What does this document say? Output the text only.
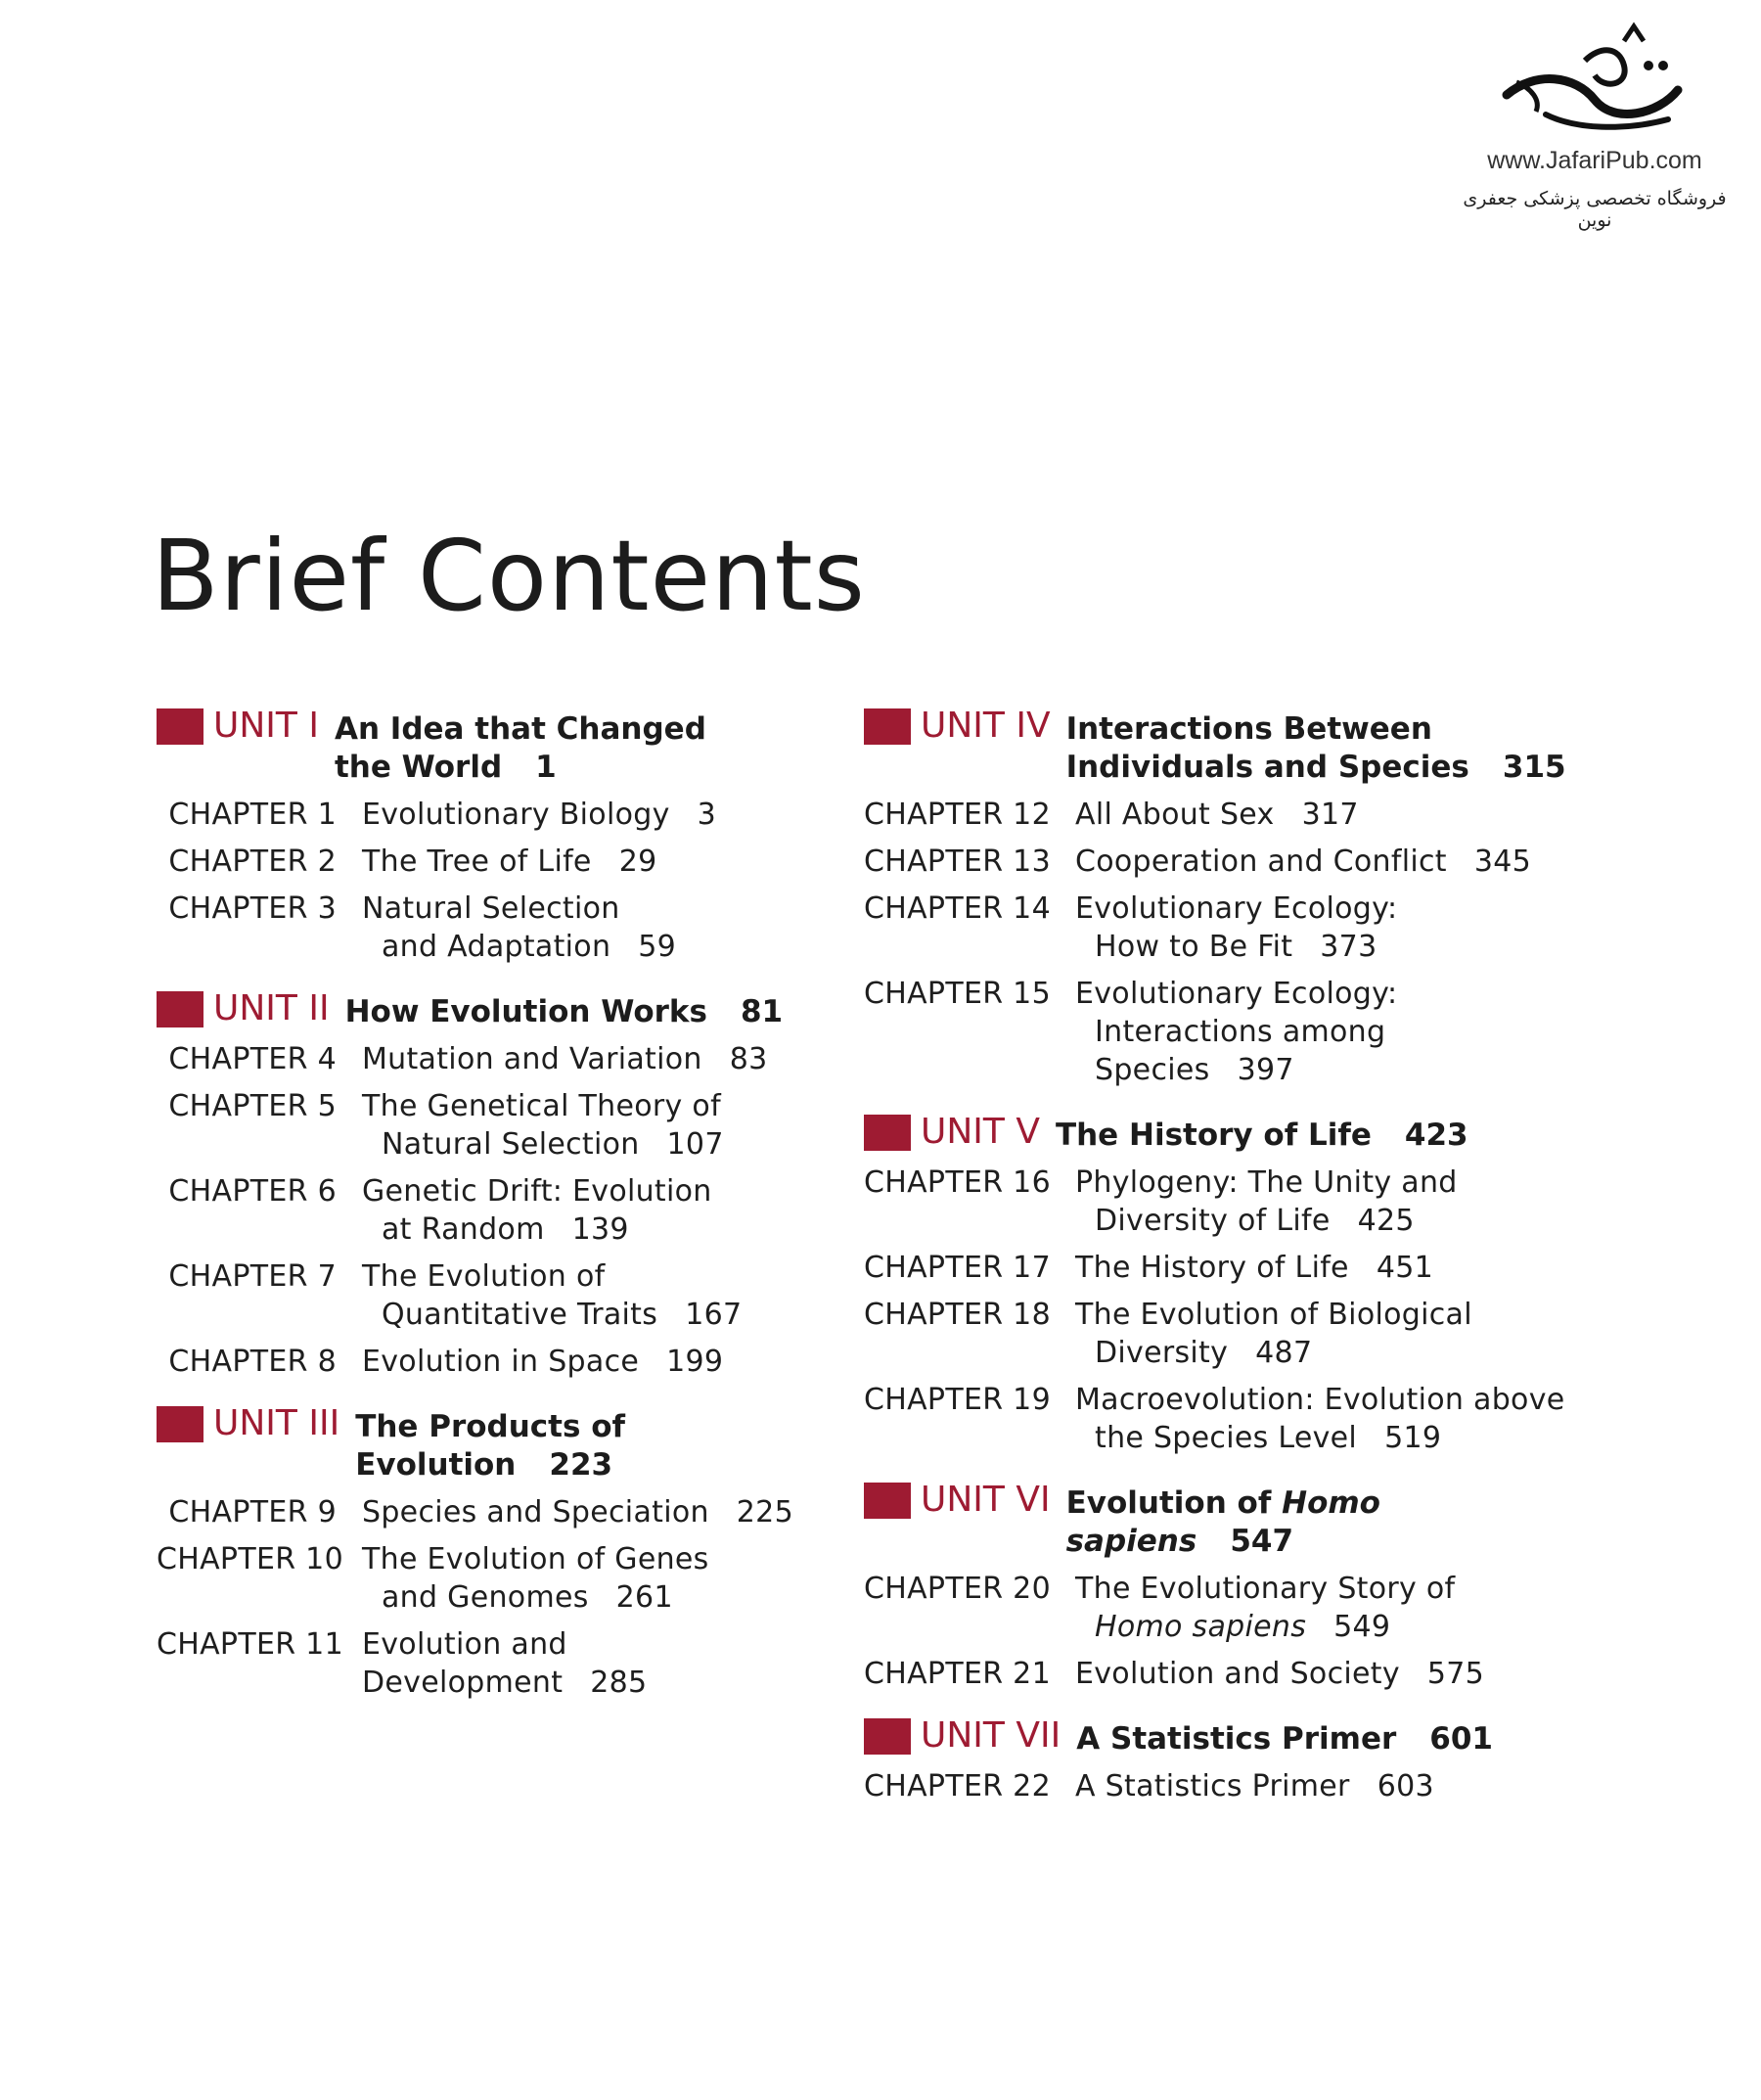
www.JafariPub.com
فروشگاه تخصصی پزشکی جعفری نوین
Brief Contents
UNIT I An Idea that Changed
the World 1
CHAPTER 1 Evolutionary Biology 3
CHAPTER 2 The Tree of Life 29
CHAPTER 3 Natural Selection
and Adaptation 59
UNIT II How Evolution Works 81
CHAPTER 4 Mutation and Variation 83
CHAPTER 5 The Genetical Theory of
Natural Selection 107
CHAPTER 6 Genetic Drift: Evolution
at Random 139
CHAPTER 7 The Evolution of
Quantitative Traits 167
CHAPTER 8 Evolution in Space 199
UNIT III The Products of Evolution 223
CHAPTER 9 Species and Speciation 225
CHAPTER 10 The Evolution of Genes
and Genomes 261
CHAPTER 11 Evolution and Development 285
UNIT IV Interactions Between
Individuals and Species 315
CHAPTER 12 All About Sex 317
CHAPTER 13 Cooperation and Conflict 345
CHAPTER 14 Evolutionary Ecology:
How to Be Fit 373
CHAPTER 15 Evolutionary Ecology:
Interactions among
Species 397
UNIT V The History of Life 423
CHAPTER 16 Phylogeny: The Unity and
Diversity of Life 425
CHAPTER 17 The History of Life 451
CHAPTER 18 The Evolution of Biological
Diversity 487
CHAPTER 19 Macroevolution: Evolution above
the Species Level 519
UNIT VI Evolution of Homo sapiens 547
CHAPTER 20 The Evolutionary Story of
Homo sapiens 549
CHAPTER 21 Evolution and Society 575
UNIT VII A Statistics Primer 601
CHAPTER 22 A Statistics Primer 603
